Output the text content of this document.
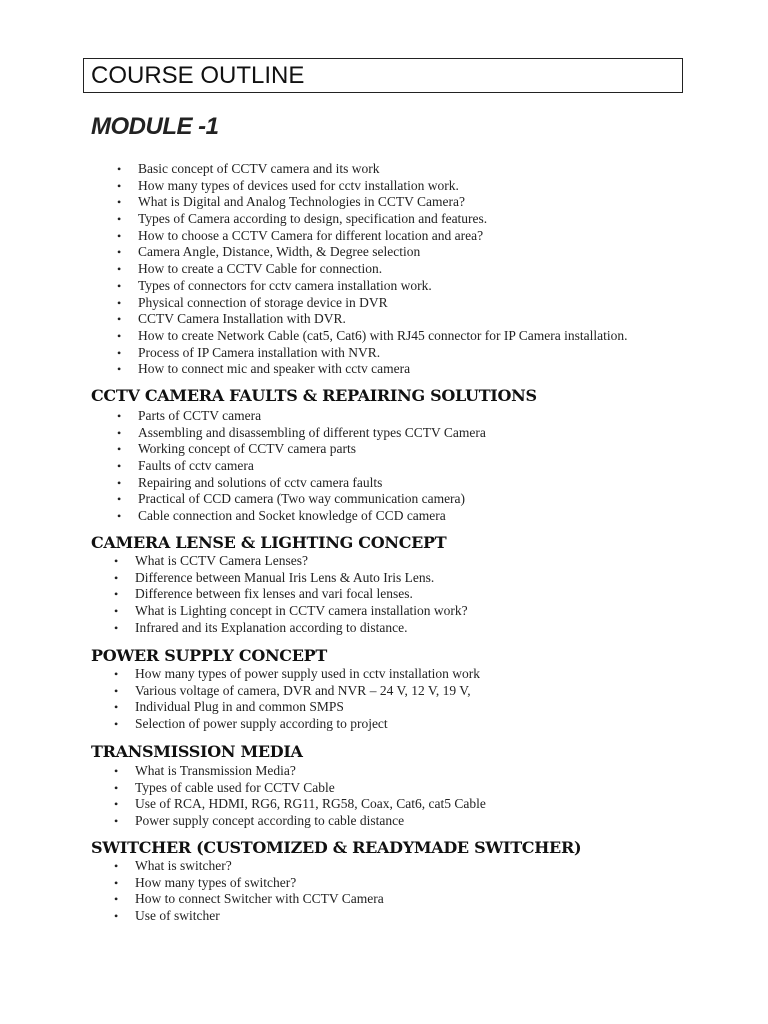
COURSE OUTLINE
MODULE -1
• Basic concept of CCTV camera and its work
• How many types of devices used for cctv installation work.
• What is Digital and Analog Technologies in CCTV Camera?
• Types of Camera according to design, specification and features.
• How to choose a CCTV Camera for different location and area?
• Camera Angle, Distance, Width, & Degree selection
• How to create a CCTV Cable for connection.
• Types of connectors for cctv camera installation work.
• Physical connection of storage device in DVR
• CCTV Camera Installation with DVR.
• How to create Network Cable (cat5, Cat6) with RJ45 connector for IP Camera installation.
• Process of IP Camera installation with NVR.
• How to connect mic and speaker with cctv camera
CCTV CAMERA FAULTS & REPAIRING SOLUTIONS
• Parts of CCTV camera
• Assembling and disassembling of different types CCTV Camera
• Working concept of CCTV camera parts
• Faults of cctv camera
• Repairing and solutions of cctv camera faults
• Practical of CCD camera (Two way communication camera)
• Cable connection and Socket knowledge of CCD camera
CAMERA LENSE & LIGHTING CONCEPT
• What is CCTV Camera Lenses?
• Difference between Manual Iris Lens & Auto Iris Lens.
• Difference between fix lenses and vari focal lenses.
• What is Lighting concept in CCTV camera installation work?
• Infrared and its Explanation according to distance.
POWER SUPPLY CONCEPT
• How many types of power supply used in cctv installation work
• Various voltage of camera, DVR and NVR – 24 V, 12 V, 19 V,
• Individual Plug in and common SMPS
• Selection of power supply according to project
TRANSMISSION MEDIA
• What is Transmission Media?
• Types of cable used for CCTV Cable
• Use of RCA, HDMI, RG6, RG11, RG58, Coax, Cat6, cat5 Cable
• Power supply concept according to cable distance
SWITCHER (CUSTOMIZED & READYMADE SWITCHER)
• What is switcher?
• How many types of switcher?
• How to connect Switcher with CCTV Camera
• Use of switcher
